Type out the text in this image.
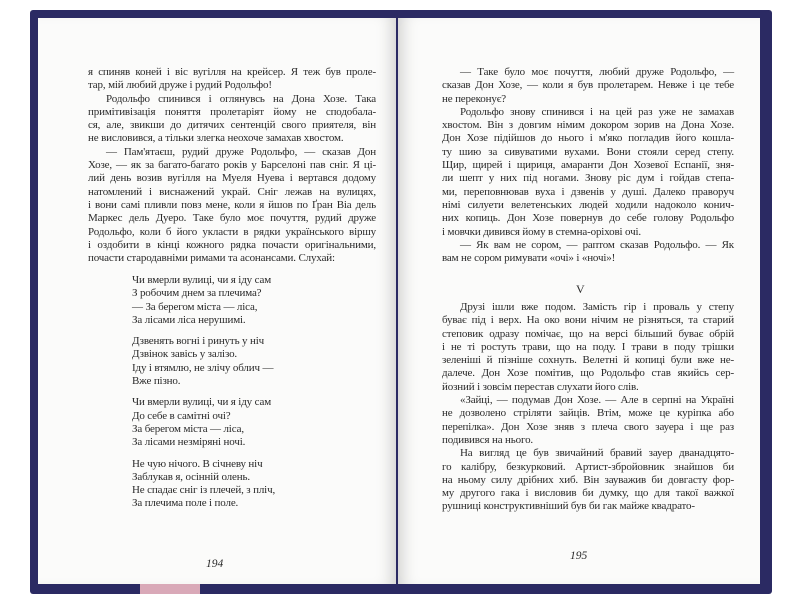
я спиняв коней і віс вугілля на крейсер. Я теж був проле-
тар, мій любий друже і рудий Родольфо!
Родольфо спинився і оглянувсь на Дона Хозе. Така
примітивізація поняття пролетаріят йому не сподобала-
ся, але, звикши до дитячих сентенцій свого приятеля, він
не висловився, а тільки злегка неохоче замахав хвостом.
— Пам'ятаєш, рудий друже Родольфо, — сказав Дон
Хозе, — як за багато-багато років у Барселоні пав сніг. Я ці-
лий день возив вугілля на Муеля Нуева і вертався додому
натомлений і виснажений украй. Сніг лежав на вулицях,
і вони самі пливли повз мене, коли я йшов по Ґран Віа дель
Маркес дель Дуеро. Таке було моє почуття, рудий друже
Родольфо, коли б його укласти в рядки українського віршу
і оздобити в кінці кожного рядка почасти оригінальними,
почасти стародавніми римами та асонансами. Слухай:
Чи вмерли вулиці, чи я іду сам
З робочим днем за плечима?
— За берегом міста — ліса,
За лісами ліса нерушимі.
Дзвенять вогні і ринуть у ніч
Дзвінок завісь у залізо.
Іду і втямлю, не злічу облич —
Вже пізно.
Чи вмерли вулиці, чи я іду сам
До себе в самітні очі?
За берегом міста — ліса,
За лісами незміряні ночі.
Не чую нічого. В січневу ніч
Заблукав я, осінній олень.
Не спадає сніг із плечей, з пліч,
За плечима поле і поле.
194
— Таке було моє почуття, любий друже Родольфо, —
сказав Дон Хозе, — коли я був пролетарем. Невже і це тебе
не переконує?
Родольфо знову спинився і на цей раз уже не замахав
хвостом. Він з довгим німим докором зорив на Дона Хозе.
Дон Хозе підійшов до нього і м'яко погладив його кошла-
ту шию за сивуватими вухами. Вони стояли серед степу.
Щир, щирей і щириця, амаранти Дон Хозевої Еспанії, зня-
ли шепт у них під ногами. Знову ріс дум і гойдав степа-
ми, переповнював вуха і дзвенів у душі. Далеко праворуч
німі силуети велетенських людей ходили надоколо конич-
них копиць. Дон Хозе повернув до себе голову Родольфо
і мовчки дивився йому в стемна-оріхові очі.
— Як вам не сором, — раптом сказав Родольфо. — Як
вам не сором римувати «очі» і «ночі»!
V
Друзі ішли вже подом. Замість гір і проваль у степу
буває під і верх. На око вони нічим не різняться, та старий
степовик одразу помічає, що на версі більший буває обрій
і не ті ростуть трави, що на поду. І трави в поду трішки
зеленіші й пізніше сохнуть. Велетні й копиці були вже не-
далече. Дон Хозе помітив, що Родольфо став якийсь сер-
йозний і зовсім перестав слухати його слів.
«Зайці, — подумав Дон Хозе. — Але в серпні на Україні
не дозволено стріляти зайців. Втім, може це куріпка або
перепілка». Дон Хозе зняв з плеча свого зауера і ще раз
подивився на нього.
На вигляд це був звичайний бравий зауер дванадцято-
го калібру, безкурковий. Артист-збройовник знайшов би
на ньому силу дрібних хиб. Він зауважив би довгасту фор-
му другого гака і висловив би думку, що для такої важкої
рушниці конструктивніший був би гак майже квадрато-
195
